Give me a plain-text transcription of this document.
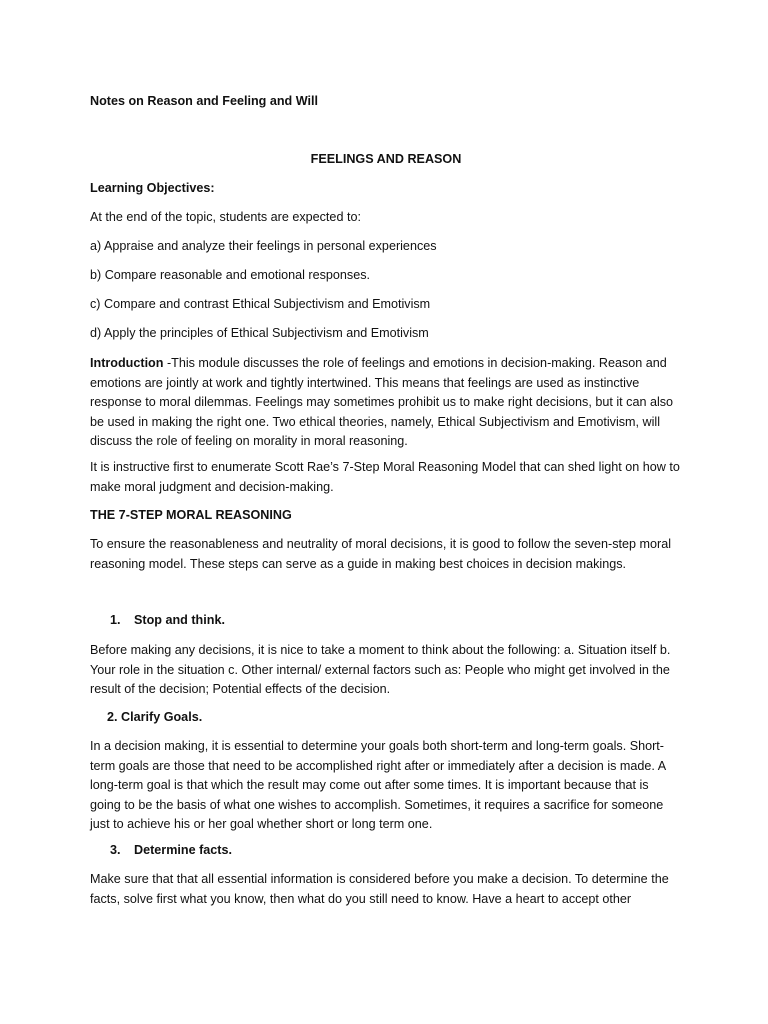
Notes on Reason and Feeling and Will

FEELINGS AND REASON

Learning Objectives:

At the end of the topic, students are expected to:

a) Appraise and analyze their feelings in personal experiences

b) Compare reasonable and emotional responses.

c) Compare and contrast Ethical Subjectivism and Emotivism

d) Apply the principles of Ethical Subjectivism and Emotivism

Introduction -This module discusses the role of feelings and emotions in decision-making. Reason and emotions are jointly at work and tightly intertwined. This means that feelings are used as instinctive response to moral dilemmas. Feelings may sometimes prohibit us to make right decisions, but it can also be used in making the right one. Two ethical theories, namely, Ethical Subjectivism and Emotivism, will discuss the role of feeling on morality in moral reasoning.

It is instructive first to enumerate Scott Rae’s 7-Step Moral Reasoning Model that can shed light on how to make moral judgment and decision-making.

THE 7-STEP MORAL REASONING

To ensure the reasonableness and neutrality of moral decisions, it is good to follow the seven-step moral reasoning model. These steps can serve as a guide in making best choices in decision makings.

1. Stop and think.

Before making any decisions, it is nice to take a moment to think about the following: a. Situation itself b. Your role in the situation c. Other internal/ external factors such as: People who might get involved in the result of the decision; Potential effects of the decision.

2. Clarify Goals.

In a decision making, it is essential to determine your goals both short-term and long-term goals. Short-term goals are those that need to be accomplished right after or immediately after a decision is made. A long-term goal is that which the result may come out after some times. It is important because that is going to be the basis of what one wishes to accomplish. Sometimes, it requires a sacrifice for someone just to achieve his or her goal whether short or long term one.

3. Determine facts.

Make sure that that all essential information is considered before you make a decision. To determine the facts, solve first what you know, then what do you still need to know. Have a heart to accept other
